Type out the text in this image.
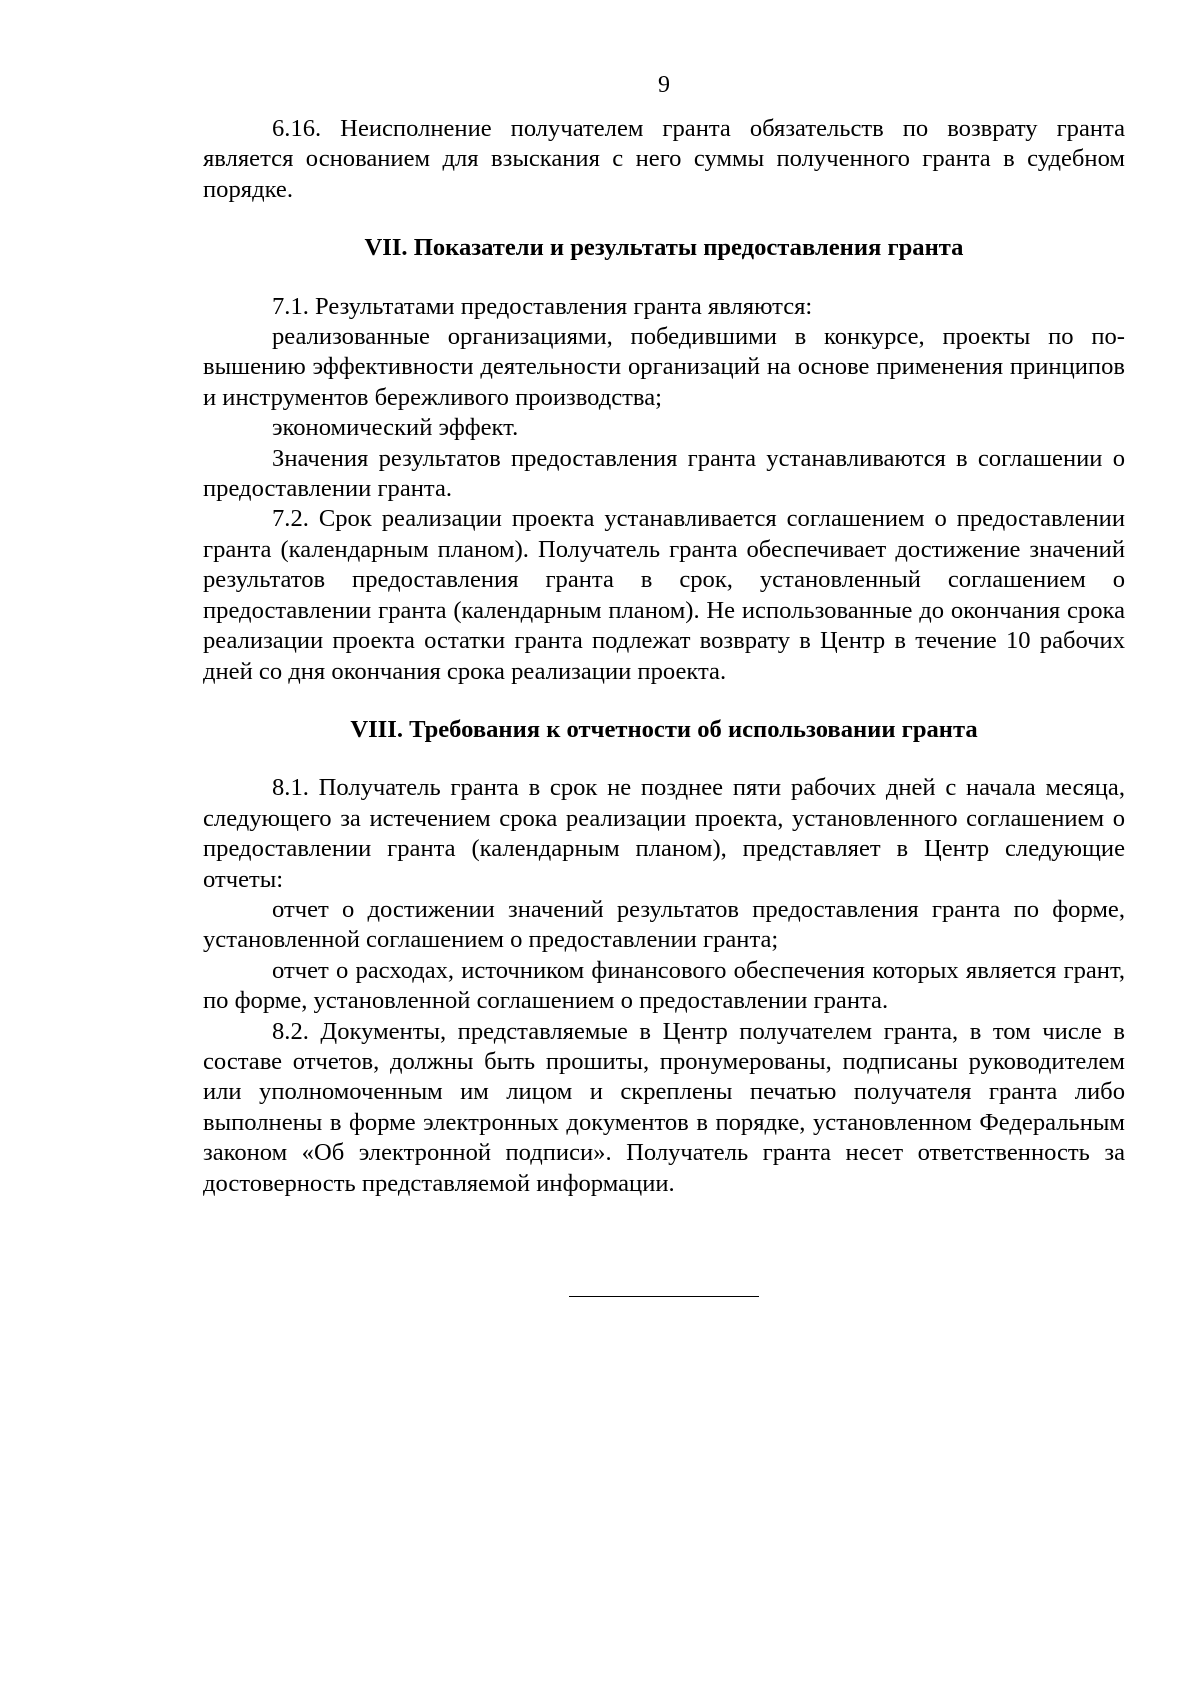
9

6.16. Неисполнение получателем гранта обязательств по возврату гранта является основанием для взыскания с него суммы полученного гранта в судебном порядке.

VII. Показатели и результаты предоставления гранта

7.1. Результатами предоставления гранта являются:

реализованные организациями, победившими в конкурсе, проекты по повышению эффективности деятельности организаций на основе применения принципов и инструментов бережливого производства;

экономический эффект.

Значения результатов предоставления гранта устанавливаются в соглашении о предоставлении гранта.

7.2. Срок реализации проекта устанавливается соглашением о предоставлении гранта (календарным планом). Получатель гранта обеспечивает достижение значений результатов предоставления гранта в срок, установленный соглашением о предоставлении гранта (календарным планом). Не использованные до окончания срока реализации проекта остатки гранта подлежат возврату в Центр в течение 10 рабочих дней со дня окончания срока реализации проекта.

VIII. Требования к отчетности об использовании гранта

8.1. Получатель гранта в срок не позднее пяти рабочих дней с начала месяца, следующего за истечением срока реализации проекта, установленного соглашением о предоставлении гранта (календарным планом), представляет в Центр следующие отчеты:

отчет о достижении значений результатов предоставления гранта по форме, установленной соглашением о предоставлении гранта;

отчет о расходах, источником финансового обеспечения которых является грант, по форме, установленной соглашением о предоставлении гранта.

8.2. Документы, представляемые в Центр получателем гранта, в том числе в составе отчетов, должны быть прошиты, пронумерованы, подписаны руководителем или уполномоченным им лицом и скреплены печатью получателя гранта либо выполнены в форме электронных документов в порядке, установленном Федеральным законом «Об электронной подписи». Получатель гранта несет ответственность за достоверность представляемой информации.
